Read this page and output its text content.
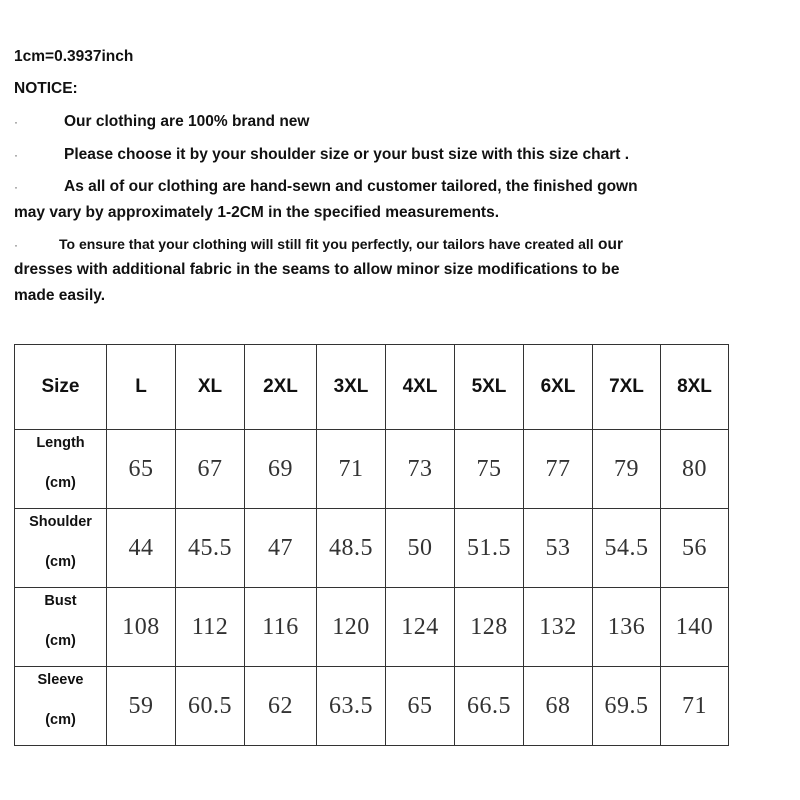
1cm=0.3937inch
NOTICE:
·	Our clothing are 100% brand new
·	Please choose it by your shoulder size or your bust size with this size chart .
·	As all of our clothing are hand-sewn and customer tailored, the finished gown
may vary by approximately 1-2CM in the specified measurements.
·	To ensure that your clothing will still fit you perfectly, our tailors have created all our
dresses with additional fabric in the seams to allow minor size modifications to be
made easily.
Size	L	XL	2XL	3XL	4XL	5XL	6XL	7XL	8XL

Length
(cm)	65	67	69	71	73	75	77	79	80

Shoulder
(cm)	44	45.5	47	48.5	50	51.5	53	54.5	56

Bust
(cm)	108	112	116	120	124	128	132	136	140

Sleeve
(cm)	59	60.5	62	63.5	65	66.5	68	69.5	71
